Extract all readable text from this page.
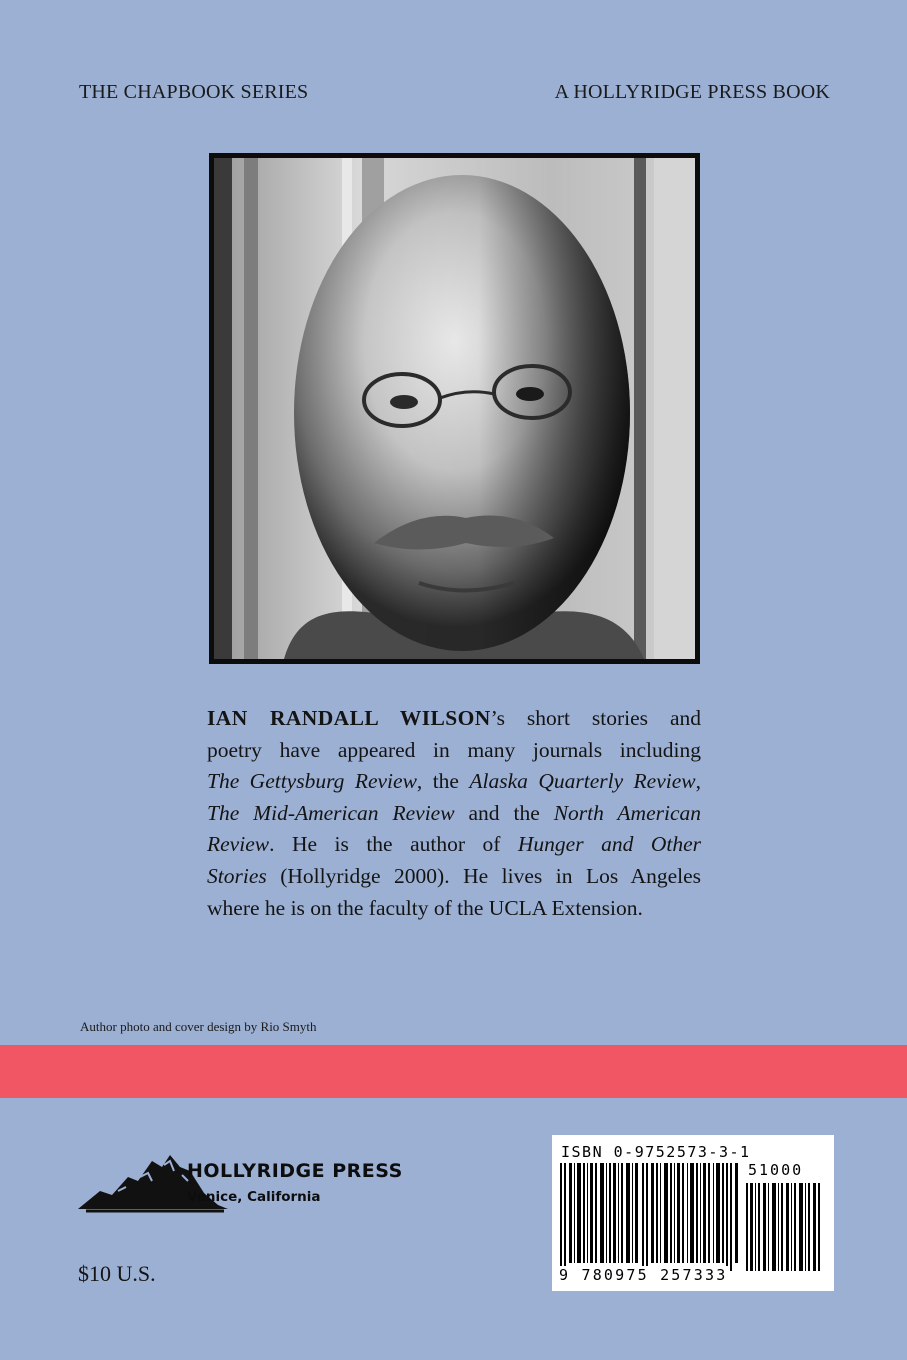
THE CHAPBOOK SERIES	A HOLLYRIDGE PRESS BOOK
IAN RANDALL WILSON’s short stories and
poetry have appeared in many journals including
The Gettysburg Review, the Alaska Quarterly Review,
The Mid-American Review and the North American
Review. He is the author of Hunger and Other
Stories (Hollyridge 2000). He lives in Los Angeles
where he is on the faculty of the UCLA Extension.
Author photo and cover design by Rio Smyth
HOLLYRIDGE PRESS
Venice, California
$10 U.S.
ISBN 0-9752573-3-1
51000
9 780975 257333
